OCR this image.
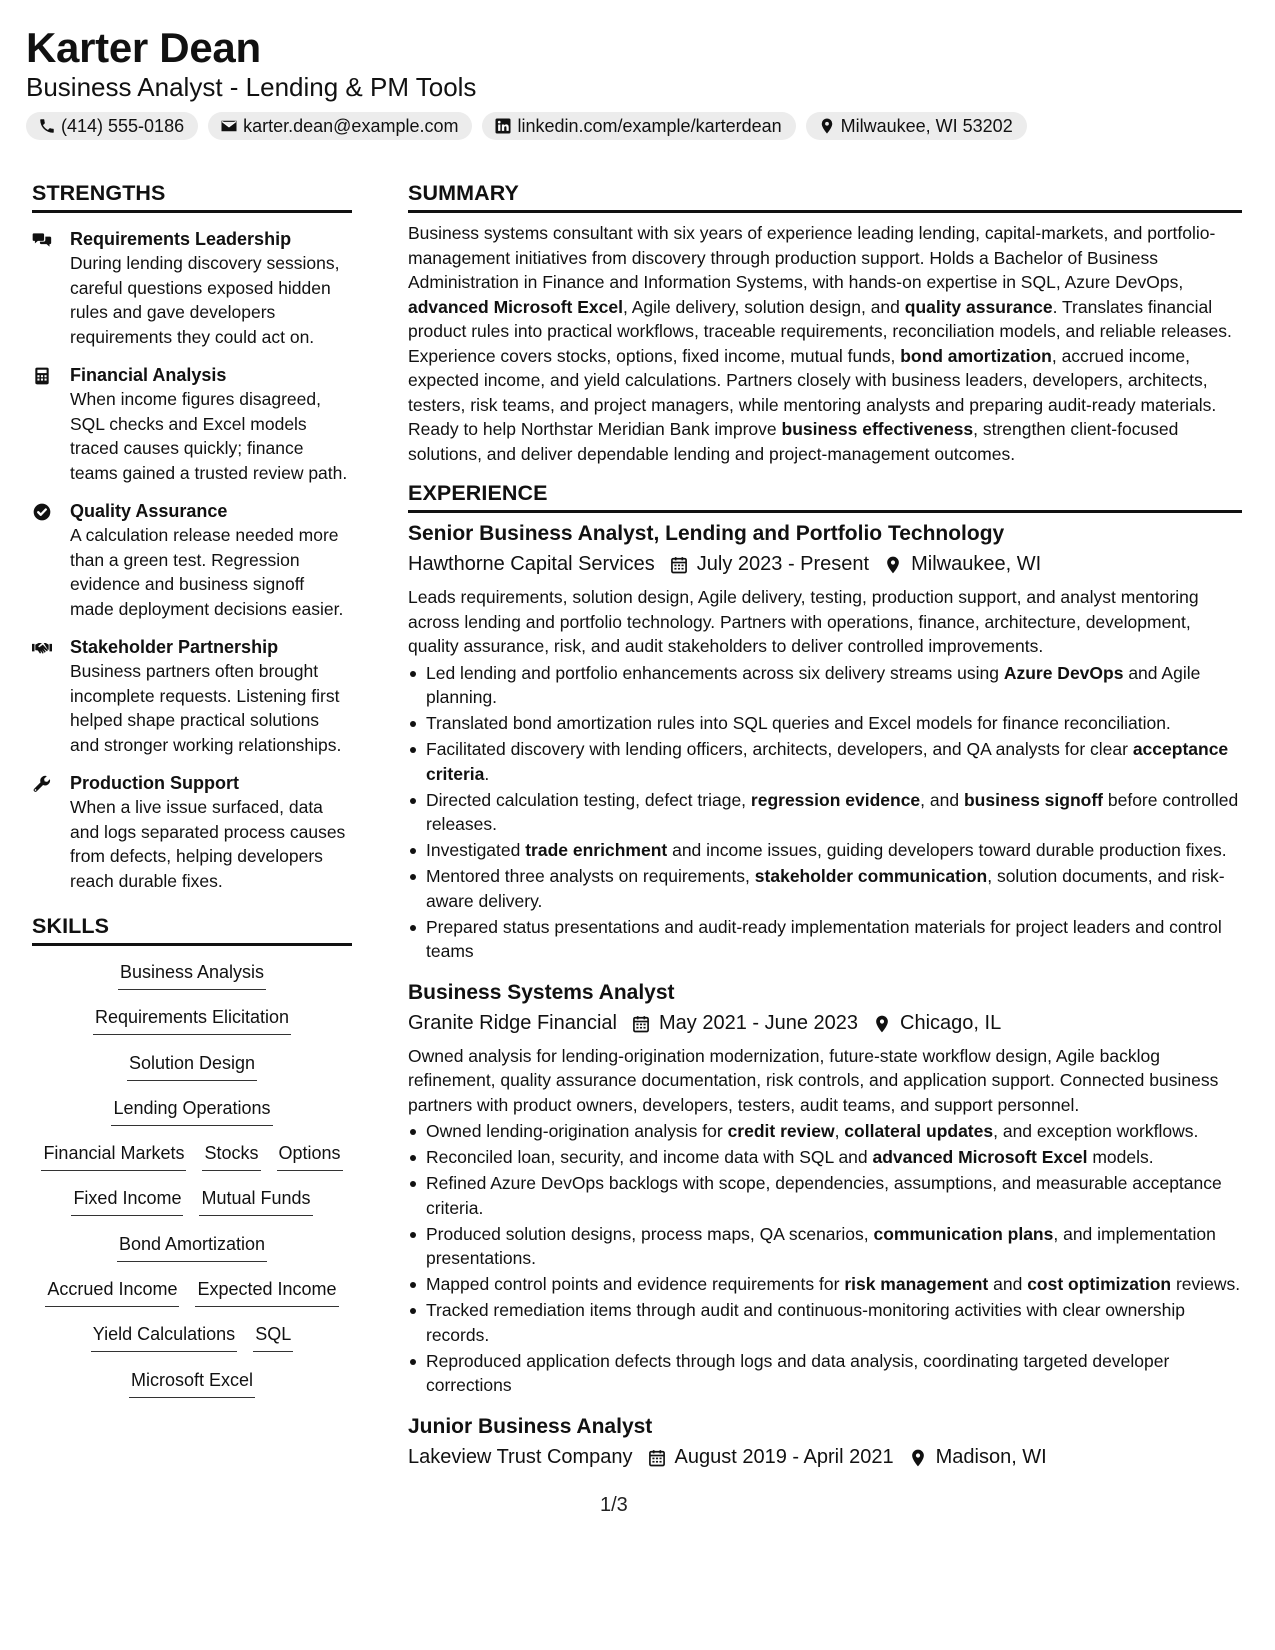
Karter Dean
Business Analyst - Lending & PM Tools
(414) 555-0186	karter.dean@example.com	linkedin.com/example/karterdean	Milwaukee, WI 53202
STRENGTHS
Requirements Leadership
During lending discovery sessions, careful questions exposed hidden rules and gave developers requirements they could act on.
Financial Analysis
When income figures disagreed, SQL checks and Excel models traced causes quickly; finance teams gained a trusted review path.
Quality Assurance
A calculation release needed more than a green test. Regression evidence and business signoff made deployment decisions easier.
Stakeholder Partnership
Business partners often brought incomplete requests. Listening first helped shape practical solutions and stronger working relationships.
Production Support
When a live issue surfaced, data and logs separated process causes from defects, helping developers reach durable fixes.
SKILLS
Business Analysis
Requirements Elicitation
Solution Design
Lending Operations
Financial Markets Stocks Options
Fixed Income Mutual Funds
Bond Amortization
Accrued Income Expected Income
Yield Calculations SQL
Microsoft Excel
SUMMARY
Business systems consultant with six years of experience leading lending, capital-markets, and portfolio-management initiatives from discovery through production support. Holds a Bachelor of Business Administration in Finance and Information Systems, with hands-on expertise in SQL, Azure DevOps, advanced Microsoft Excel, Agile delivery, solution design, and quality assurance. Translates financial product rules into practical workflows, traceable requirements, reconciliation models, and reliable releases. Experience covers stocks, options, fixed income, mutual funds, bond amortization, accrued income, expected income, and yield calculations. Partners closely with business leaders, developers, architects, testers, risk teams, and project managers, while mentoring analysts and preparing audit-ready materials. Ready to help Northstar Meridian Bank improve business effectiveness, strengthen client-focused solutions, and deliver dependable lending and project-management outcomes.
EXPERIENCE
Senior Business Analyst, Lending and Portfolio Technology
Hawthorne Capital Services July 2023 - Present Milwaukee, WI
Leads requirements, solution design, Agile delivery, testing, production support, and analyst mentoring across lending and portfolio technology. Partners with operations, finance, architecture, development, quality assurance, risk, and audit stakeholders to deliver controlled improvements.
Led lending and portfolio enhancements across six delivery streams using Azure DevOps and Agile planning.
Translated bond amortization rules into SQL queries and Excel models for finance reconciliation.
Facilitated discovery with lending officers, architects, developers, and QA analysts for clear acceptance criteria.
Directed calculation testing, defect triage, regression evidence, and business signoff before controlled releases.
Investigated trade enrichment and income issues, guiding developers toward durable production fixes.
Mentored three analysts on requirements, stakeholder communication, solution documents, and risk-aware delivery.
Prepared status presentations and audit-ready implementation materials for project leaders and control teams
Business Systems Analyst
Granite Ridge Financial May 2021 - June 2023 Chicago, IL
Owned analysis for lending-origination modernization, future-state workflow design, Agile backlog refinement, quality assurance documentation, risk controls, and application support. Connected business partners with product owners, developers, testers, audit teams, and support personnel.
Owned lending-origination analysis for credit review, collateral updates, and exception workflows.
Reconciled loan, security, and income data with SQL and advanced Microsoft Excel models.
Refined Azure DevOps backlogs with scope, dependencies, assumptions, and measurable acceptance criteria.
Produced solution designs, process maps, QA scenarios, communication plans, and implementation presentations.
Mapped control points and evidence requirements for risk management and cost optimization reviews.
Tracked remediation items through audit and continuous-monitoring activities with clear ownership records.
Reproduced application defects through logs and data analysis, coordinating targeted developer corrections
Junior Business Analyst
Lakeview Trust Company August 2019 - April 2021 Madison, WI
1/3
